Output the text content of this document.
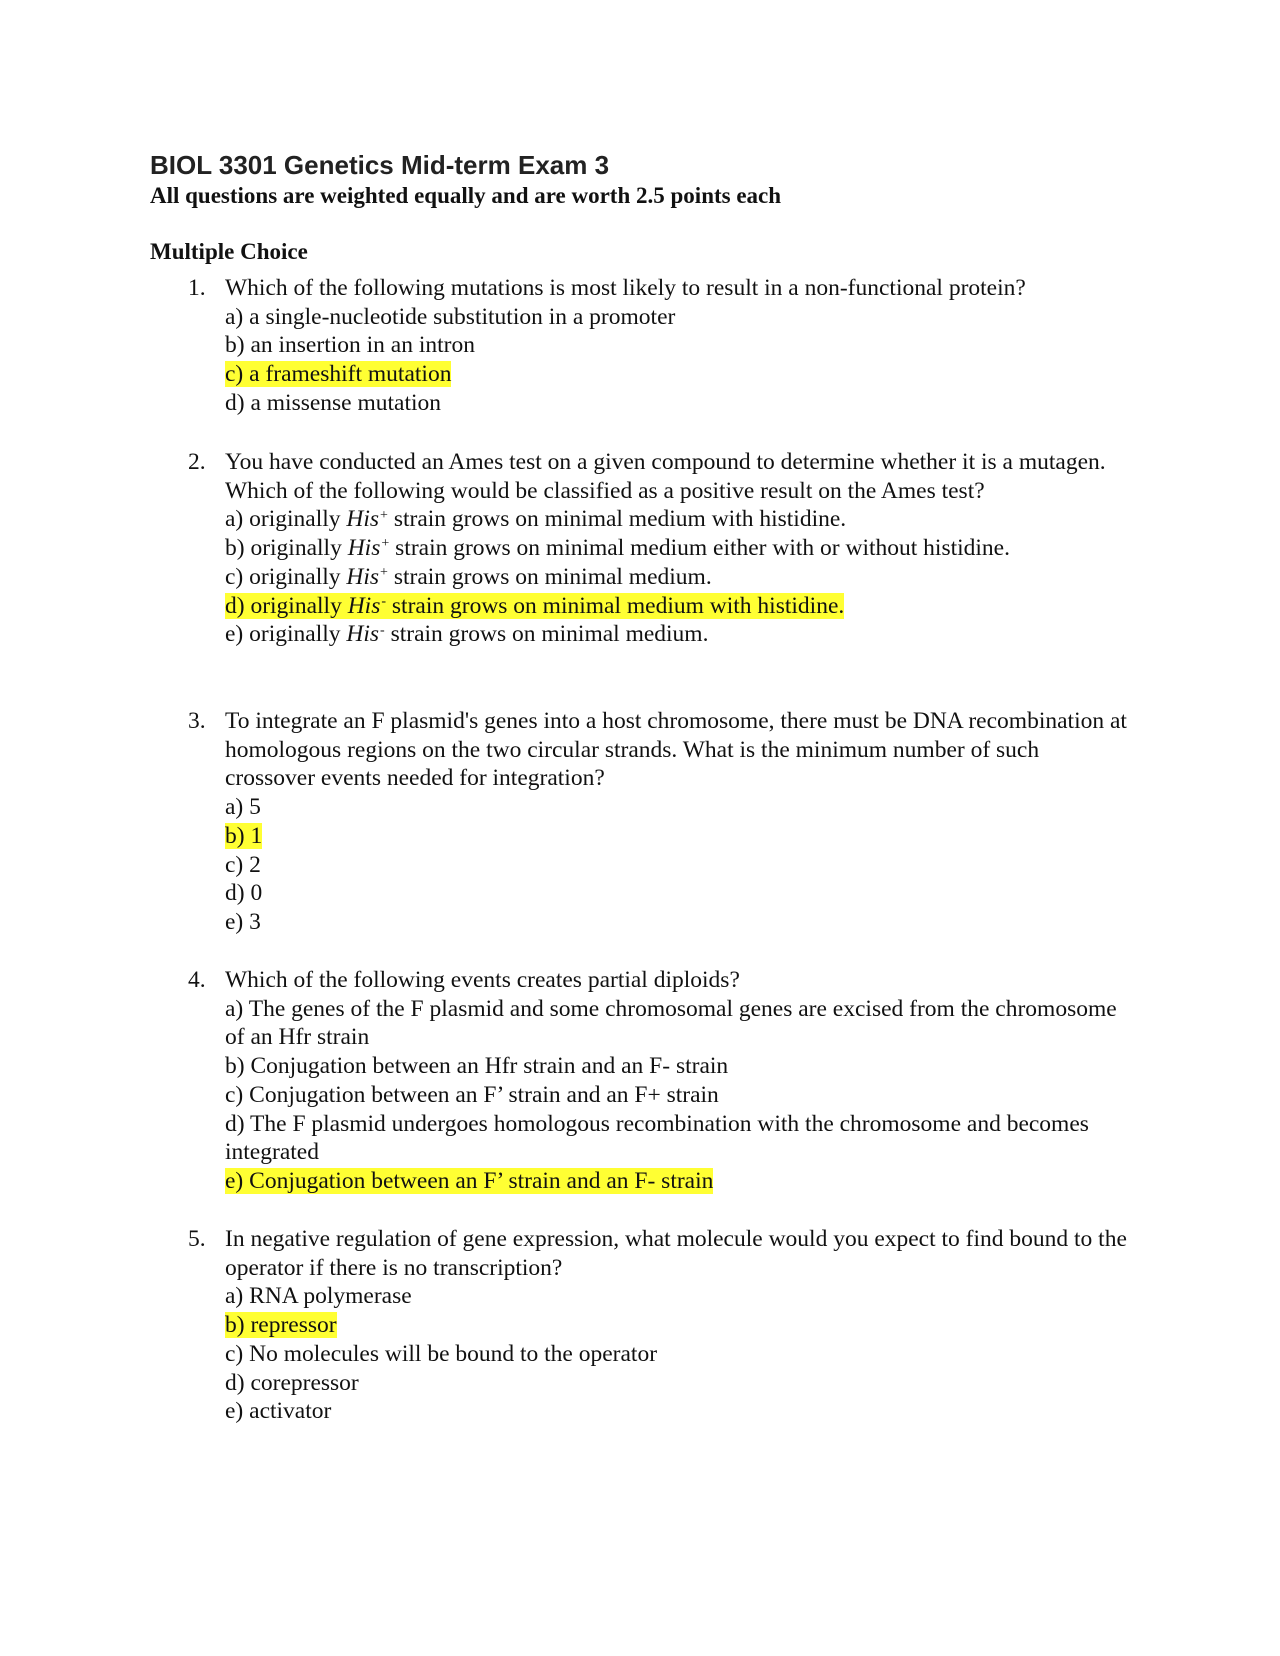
BIOL 3301 Genetics Mid-term Exam 3

All questions are weighted equally and are worth 2.5 points each

Multiple Choice
1. Which of the following mutations is most likely to result in a non-functional protein?

a) a single-nucleotide substitution in a promoter

b) an insertion in an intron

c) a frameshift mutation

d) a missense mutation

2. You have conducted an Ames test on a given compound to determine whether it is a mutagen. Which of the following would be classified as a positive result on the Ames test?

a) originally His+ strain grows on minimal medium with histidine.

b) originally His+ strain grows on minimal medium either with or without histidine.

c) originally His+ strain grows on minimal medium.

d) originally His- strain grows on minimal medium with histidine.

e) originally His- strain grows on minimal medium.

3. To integrate an F plasmid's genes into a host chromosome, there must be DNA recombination at homologous regions on the two circular strands. What is the minimum number of such crossover events needed for integration?

a) 5

b) 1

c) 2

d) 0

e) 3

4. Which of the following events creates partial diploids?

a) The genes of the F plasmid and some chromosomal genes are excised from the chromosome of an Hfr strain

b) Conjugation between an Hfr strain and an F- strain

c) Conjugation between an F’ strain and an F+ strain

d) The F plasmid undergoes homologous recombination with the chromosome and becomes integrated

e) Conjugation between an F’ strain and an F- strain

5. In negative regulation of gene expression, what molecule would you expect to find bound to the operator if there is no transcription?

a) RNA polymerase

b) repressor

c) No molecules will be bound to the operator

d) corepressor

e) activator
